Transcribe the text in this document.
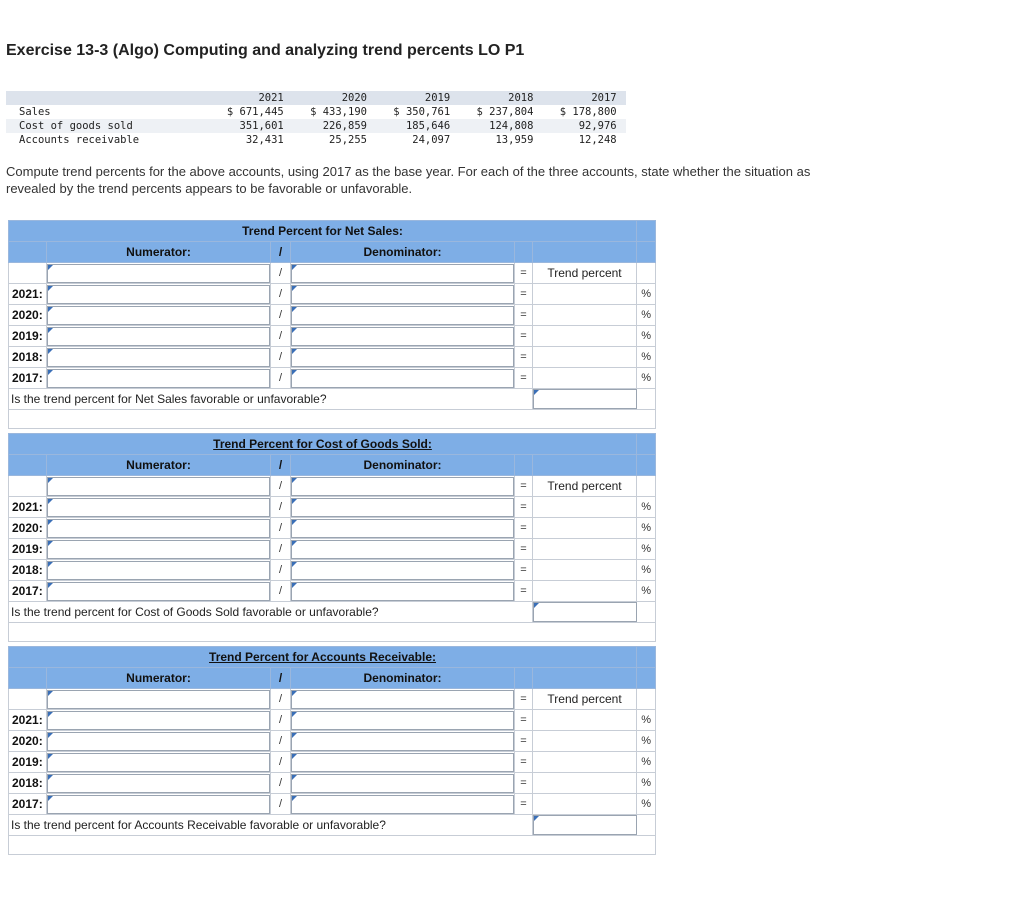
Exercise 13-3 (Algo) Computing and analyzing trend percents LO P1
	2021	2020	2019	2018	2017	
Sales	$ 671,445	$ 433,190	$ 350,761	$ 237,804	$ 178,800	
Cost of goods sold	351,601	226,859	185,646	124,808	92,976	
Accounts receivable	32,431	25,255	24,097	13,959	12,248	
Compute trend percents for the above accounts, using 2017 as the base year. For each of the three accounts, state whether the situation as revealed by the trend percents appears to be favorable or unfavorable.
Trend Percent for Net Sales:						
	Numerator:	/	Denominator:			

	/		=	Trend percent	
2021:		/		=		%
2020:		/		=		%
2019:		/		=		%
2018:		/		=		%
2017:		/		=		%
Is the trend percent for Net Sales favorable or unfavorable?					

Trend Percent for Cost of Goods Sold:						
	Numerator:	/	Denominator:			

	/		=	Trend percent	
2021:		/		=		%
2020:		/		=		%
2019:		/		=		%
2018:		/		=		%
2017:		/		=		%
Is the trend percent for Cost of Goods Sold favorable or unfavorable?					

Trend Percent for Accounts Receivable:						
	Numerator:	/	Denominator:			

	/		=	Trend percent	
2021:		/		=		%
2020:		/		=		%
2019:		/		=		%
2018:		/		=		%
2017:		/		=		%
Is the trend percent for Accounts Receivable favorable or unfavorable?					
